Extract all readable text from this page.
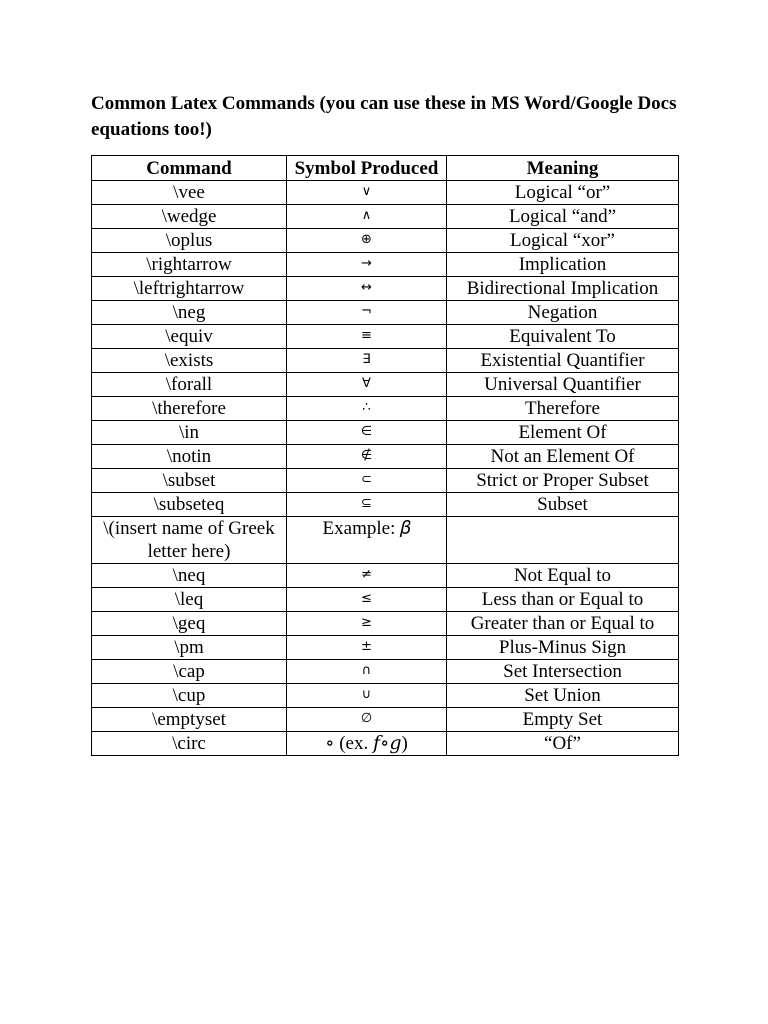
Common Latex Commands (you can use these in MS Word/Google Docs equations too!)
Command	Symbol Produced	Meaning
\vee	∨	Logical “or”
\wedge	∧	Logical “and”
\oplus	⊕	Logical “xor”
\rightarrow	→	Implication
\leftrightarrow	↔	Bidirectional Implication
\neg	¬	Negation
\equiv	≡	Equivalent To
\exists	∃	Existential Quantifier
\forall	∀	Universal Quantifier
\therefore	∴	Therefore
\in	∈	Element Of
\notin	∉	Not an Element Of
\subset	⊂	Strict or Proper Subset
\subseteq	⊆	Subset
\(insert name of Greek letter here)	Example: 𝛽	
\neq	≠	Not Equal to
\leq	≤	Less than or Equal to
\geq	≥	Greater than or Equal to
\pm	±	Plus-Minus Sign
\cap	∩	Set Intersection
\cup	∪	Set Union
\emptyset	∅	Empty Set
\circ	∘ (ex. 𝑓∘𝑔)	“Of”
